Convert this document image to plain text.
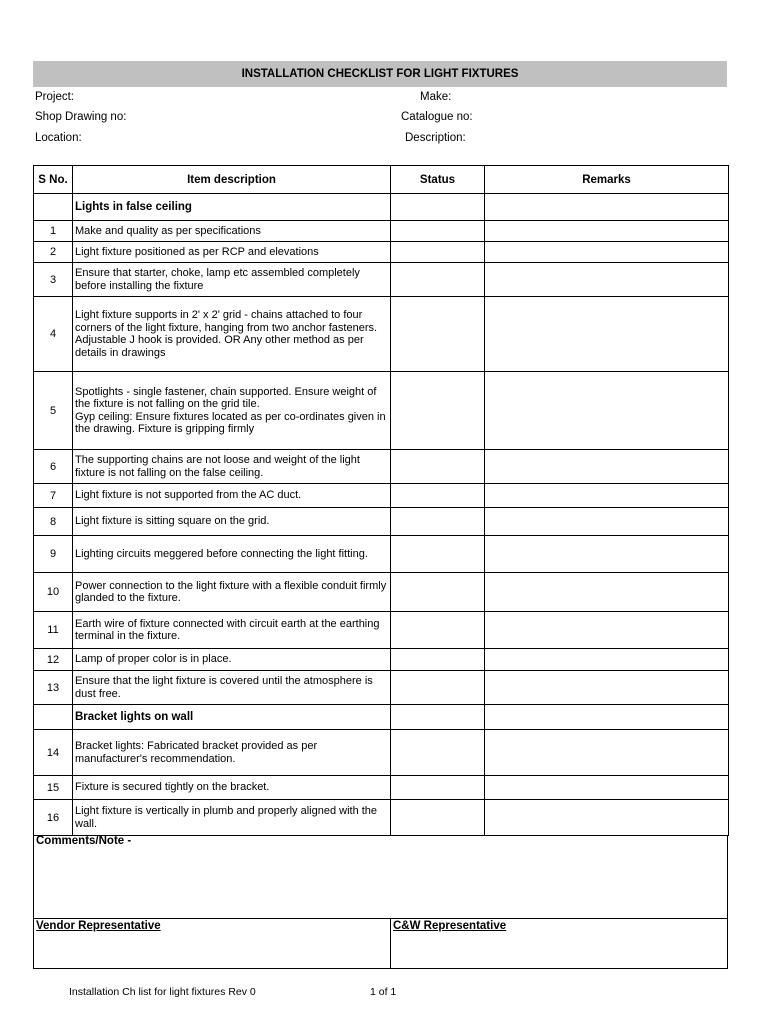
INSTALLATION CHECKLIST FOR LIGHT FIXTURES
Project:	Make:
Shop Drawing no:	Catalogue no:
Location:	Description:
S No.	Item description	Status	Remarks
	Lights in false ceiling		
1	Make and quality as per specifications		
2	Light fixture positioned as per RCP and elevations		
3	Ensure that starter, choke, lamp etc assembled completely before installing the fixture		
4	Light fixture supports in 2' x 2' grid - chains attached to four corners of the light fixture, hanging from two anchor fasteners. Adjustable J hook is provided. OR Any other method as per details in drawings		
5	Spotlights - single fastener, chain supported. Ensure weight of the fixture is not falling on the grid tile.
Gyp ceiling: Ensure fixtures located as per co-ordinates given in the drawing. Fixture is gripping firmly		
6	The supporting chains are not loose and weight of the light fixture is not falling on the false ceiling.		
7	Light fixture is not supported from the AC duct.		
8	Light fixture is sitting square on the grid.		
9	Lighting circuits meggered before connecting the light fitting.		
10	Power connection to the light fixture with a flexible conduit firmly glanded to the fixture.		
11	Earth wire of fixture connected with circuit earth at the earthing terminal in the fixture.		
12	Lamp of proper color is in place.		
13	Ensure that the light fixture is covered until the atmosphere is dust free.		
	Bracket lights on wall		
14	Bracket lights: Fabricated bracket provided as per manufacturer's recommendation.		
15	Fixture is secured tightly on the bracket.		
16	Light fixture is vertically in plumb and properly aligned with the wall.		
Comments/Note -
Vendor Representative	C&W Representative
Installation Ch list for light fixtures Rev 0	1 of 1
